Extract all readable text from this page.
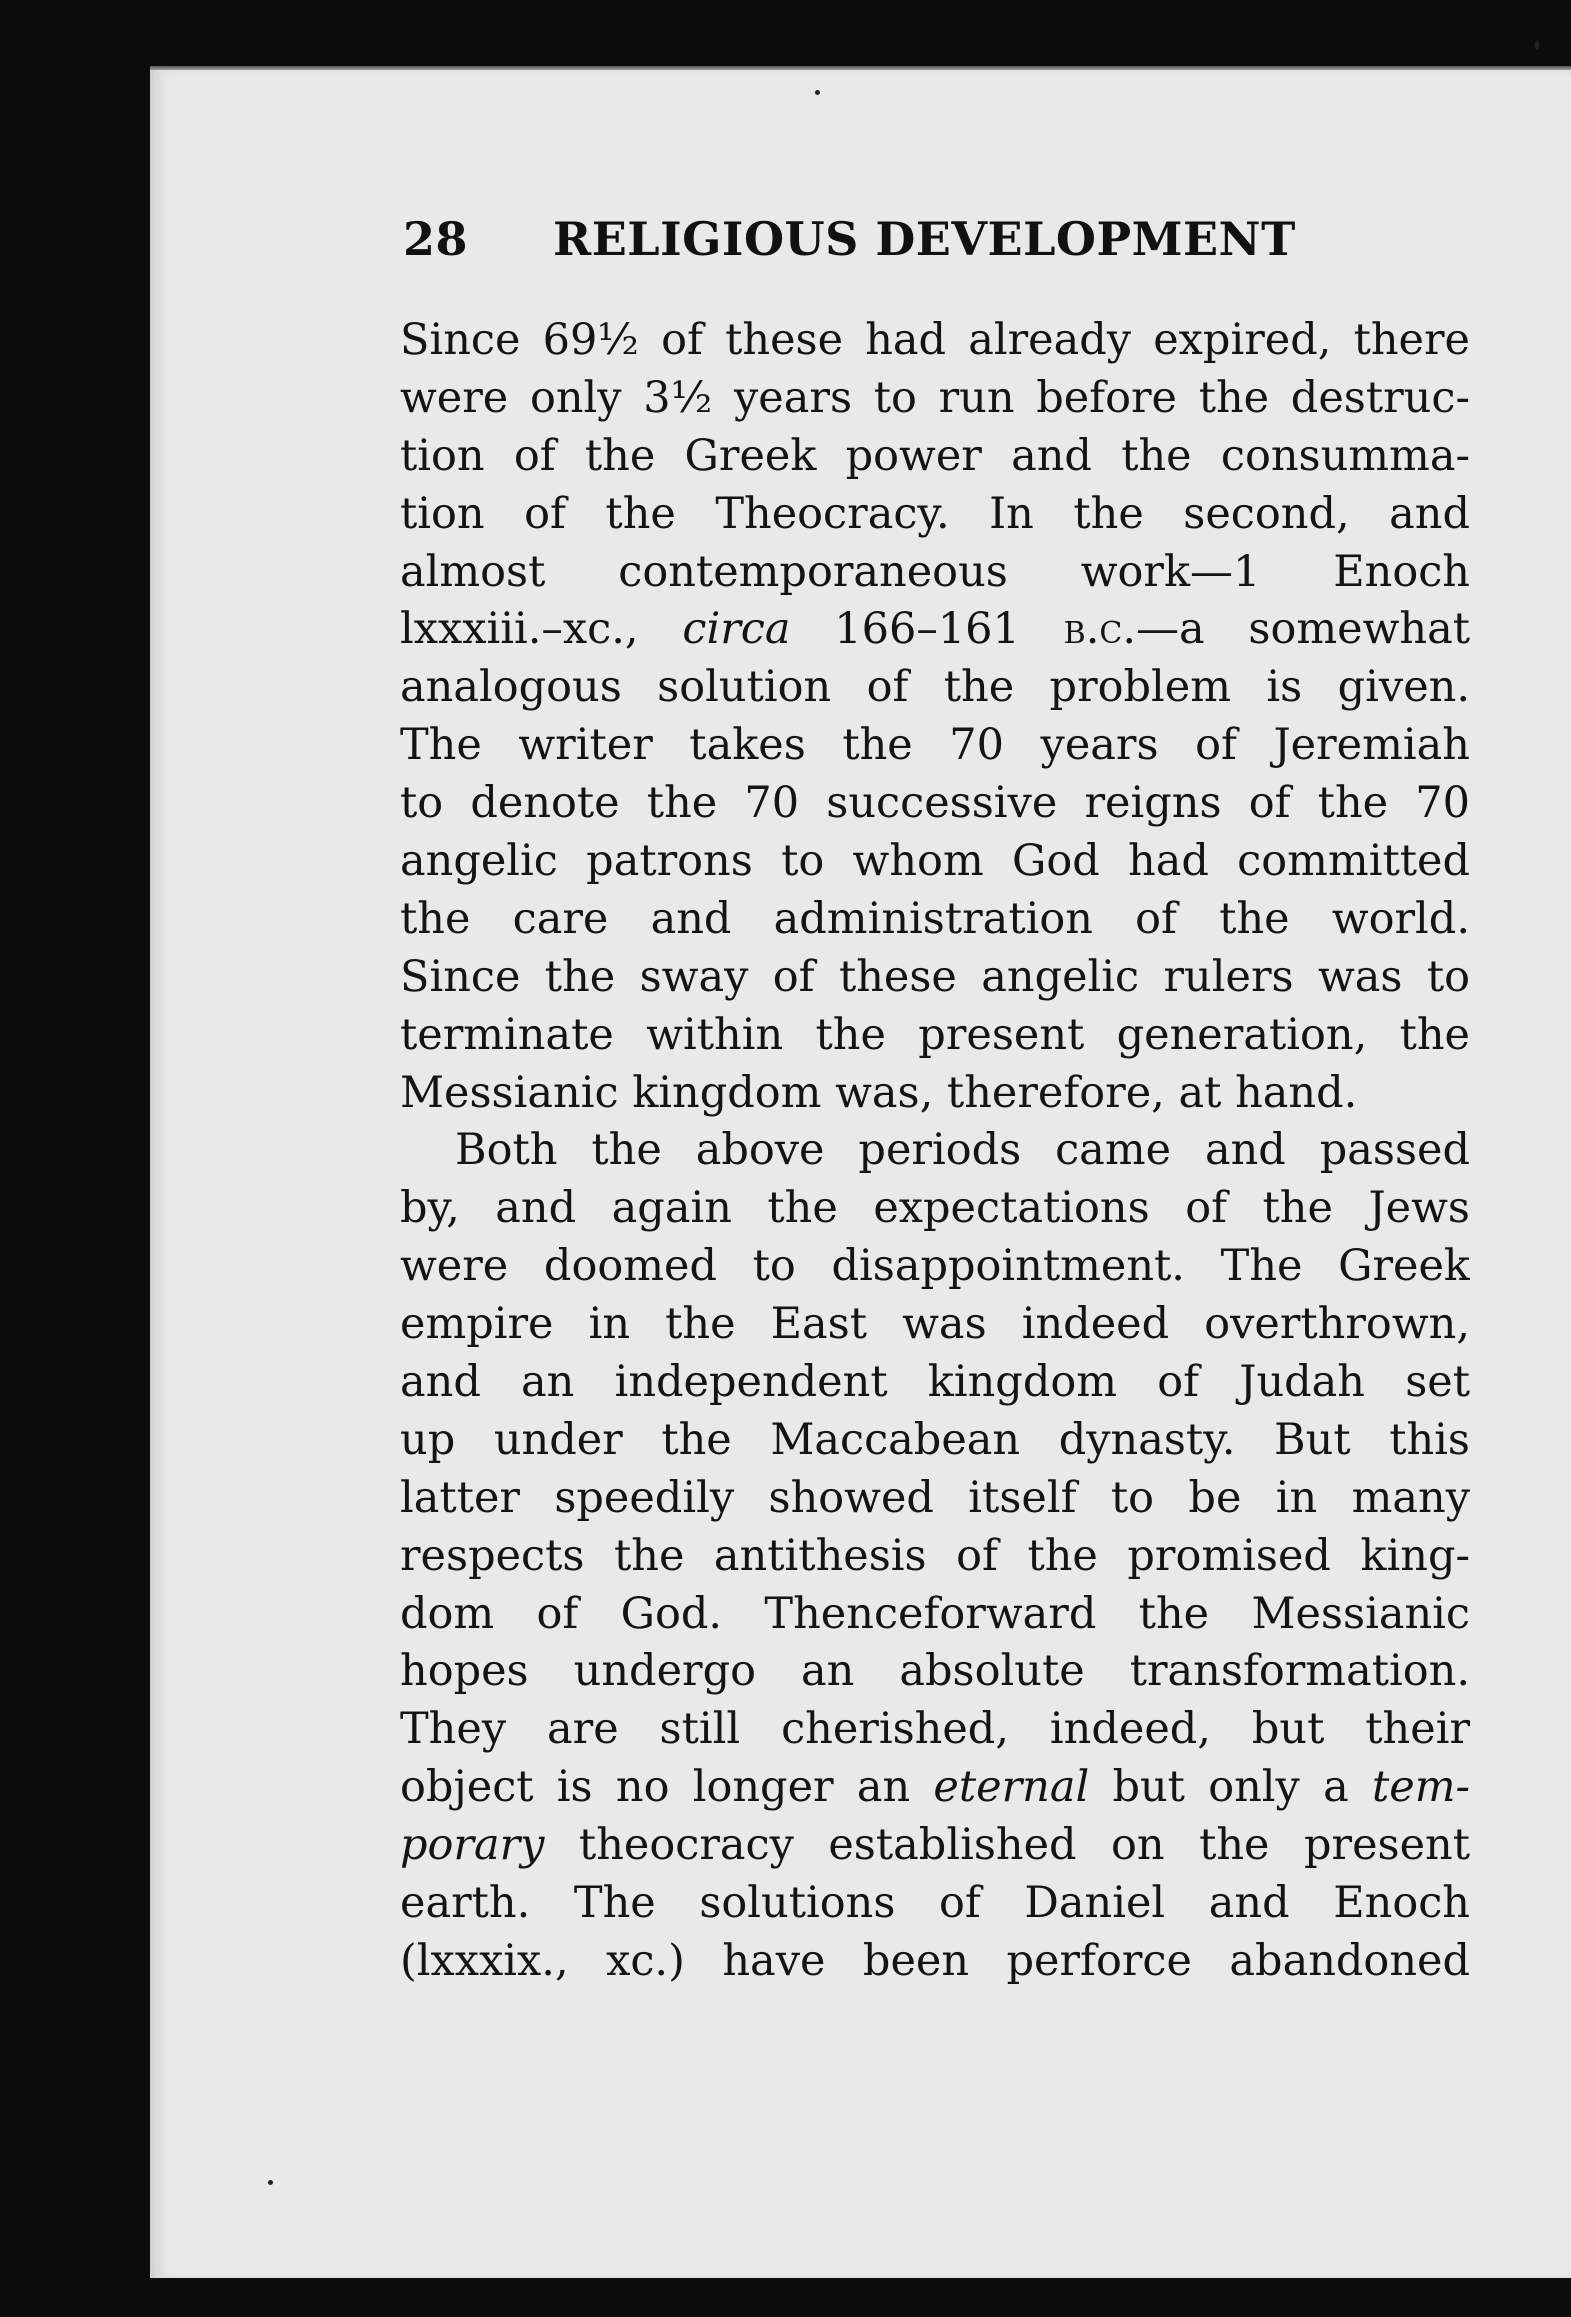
28 RELIGIOUS DEVELOPMENT
Since 69½ of these had already expired, there
were only 3½ years to run before the destruc-
tion of the Greek power and the consumma-
tion of the Theocracy. In the second, and
almost contemporaneous work—1 Enoch
lxxxiii.–xc., circa 166–161 b.c.—a somewhat
analogous solution of the problem is given.
The writer takes the 70 years of Jeremiah
to denote the 70 successive reigns of the 70
angelic patrons to whom God had committed
the care and administration of the world.
Since the sway of these angelic rulers was to
terminate within the present generation, the
Messianic kingdom was, therefore, at hand.
Both the above periods came and passed
by, and again the expectations of the Jews
were doomed to disappointment. The Greek
empire in the East was indeed overthrown,
and an independent kingdom of Judah set
up under the Maccabean dynasty. But this
latter speedily showed itself to be in many
respects the antithesis of the promised king-
dom of God. Thenceforward the Messianic
hopes undergo an absolute transformation.
They are still cherished, indeed, but their
object is no longer an eternal but only a tem-
porary theocracy established on the present
earth. The solutions of Daniel and Enoch
(lxxxix., xc.) have been perforce abandoned
